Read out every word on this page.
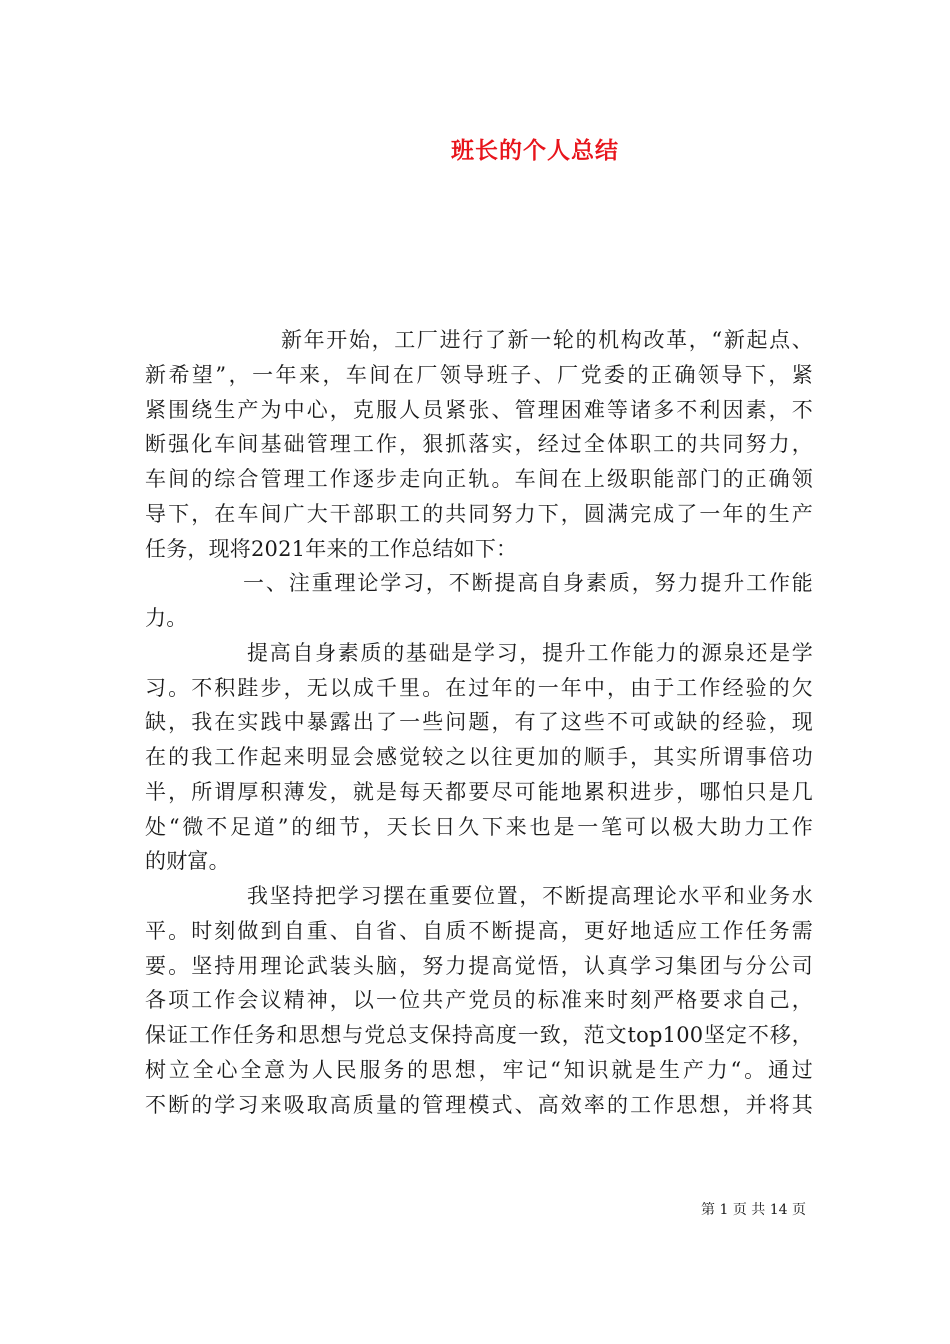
班长的个人总结
新年开始，工厂进行了新一轮的机构改革，“新起点、
新希望”，一年来，车间在厂领导班子、厂党委的正确领导下，紧
紧围绕生产为中心，克服人员紧张、管理困难等诸多不利因素，不
断强化车间基础管理工作，狠抓落实，经过全体职工的共同努力，
车间的综合管理工作逐步走向正轨。车间在上级职能部门的正确领
导下，在车间广大干部职工的共同努力下，圆满完成了一年的生产
任务，现将2021年来的工作总结如下：
一、注重理论学习，不断提高自身素质，努力提升工作能
力。
提高自身素质的基础是学习，提升工作能力的源泉还是学
习。不积跬步，无以成千里。在过年的一年中，由于工作经验的欠
缺，我在实践中暴露出了一些问题，有了这些不可或缺的经验，现
在的我工作起来明显会感觉较之以往更加的顺手，其实所谓事倍功
半，所谓厚积薄发，就是每天都要尽可能地累积进步，哪怕只是几
处“微不足道”的细节，天长日久下来也是一笔可以极大助力工作
的财富。
我坚持把学习摆在重要位置，不断提高理论水平和业务水
平。时刻做到自重、自省、自质不断提高，更好地适应工作任务需
要。坚持用理论武装头脑，努力提高觉悟，认真学习集团与分公司
各项工作会议精神，以一位共产党员的标准来时刻严格要求自己，
保证工作任务和思想与党总支保持高度一致，范文top100坚定不移，
树立全心全意为人民服务的思想，牢记“知识就是生产力“。通过
不断的学习来吸取高质量的管理模式、高效率的工作思想，并将其
第 1 页 共 14 页
